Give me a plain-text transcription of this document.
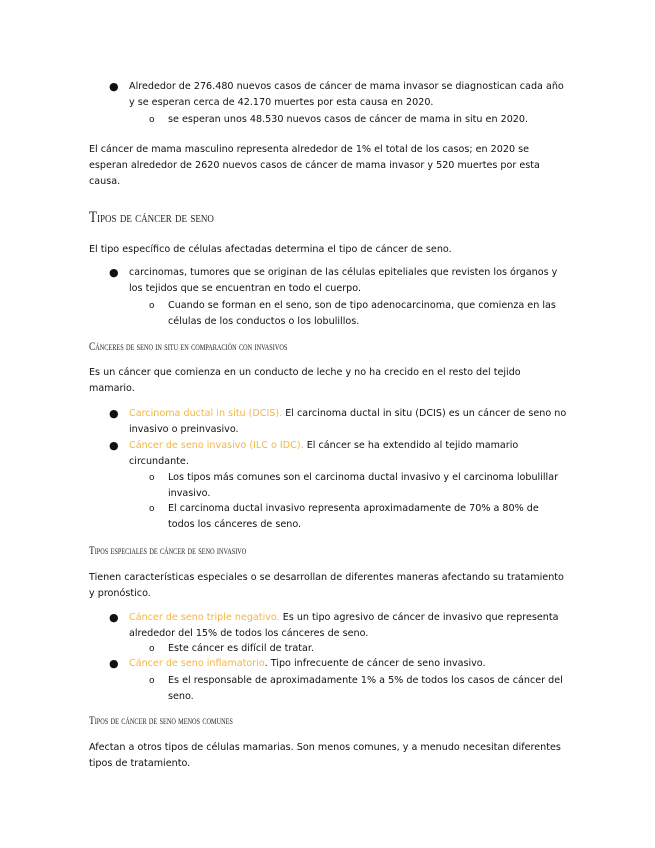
● Alrededor de 276.480 nuevos casos de cáncer de mama invasor se diagnostican cada año y se esperan cerca de 42.170 muertes por esta causa en 2020.
o se esperan unos 48.530 nuevos casos de cáncer de mama in situ en 2020.

El cáncer de mama masculino representa alrededor de 1% el total de los casos; en 2020 se esperan alrededor de 2620 nuevos casos de cáncer de mama invasor y 520 muertes por esta causa.

Tipos de cáncer de seno

El tipo específico de células afectadas determina el tipo de cáncer de seno.

● carcinomas, tumores que se originan de las células epiteliales que revisten los órganos y los tejidos que se encuentran en todo el cuerpo.
o Cuando se forman en el seno, son de tipo adenocarcinoma, que comienza en las células de los conductos o los lobulillos.
Cánceres de seno in situ en comparación con invasivos

Es un cáncer que comienza en un conducto de leche y no ha crecido en el resto del tejido mamario.

● Carcinoma ductal in situ (DCIS). El carcinoma ductal in situ (DCIS) es un cáncer de seno no invasivo o preinvasivo.
● Cáncer de seno invasivo (ILC o IDC). El cáncer se ha extendido al tejido mamario circundante.
o Los tipos más comunes son el carcinoma ductal invasivo y el carcinoma lobulillar invasivo.
o El carcinoma ductal invasivo representa aproximadamente de 70% a 80% de todos los cánceres de seno.
Tipos especiales de cáncer de seno invasivo

Tienen características especiales o se desarrollan de diferentes maneras afectando su tratamiento y pronóstico.

● Cáncer de seno triple negativo. Es un tipo agresivo de cáncer de invasivo que representa alrededor del 15% de todos los cánceres de seno.
o Este cáncer es difícil de tratar.
● Cáncer de seno inflamatorio. Tipo infrecuente de cáncer de seno invasivo.
o Es el responsable de aproximadamente 1% a 5% de todos los casos de cáncer del seno.
Tipos de cáncer de seno menos comunes

Afectan a otros tipos de células mamarias. Son menos comunes, y a menudo necesitan diferentes tipos de tratamiento.
